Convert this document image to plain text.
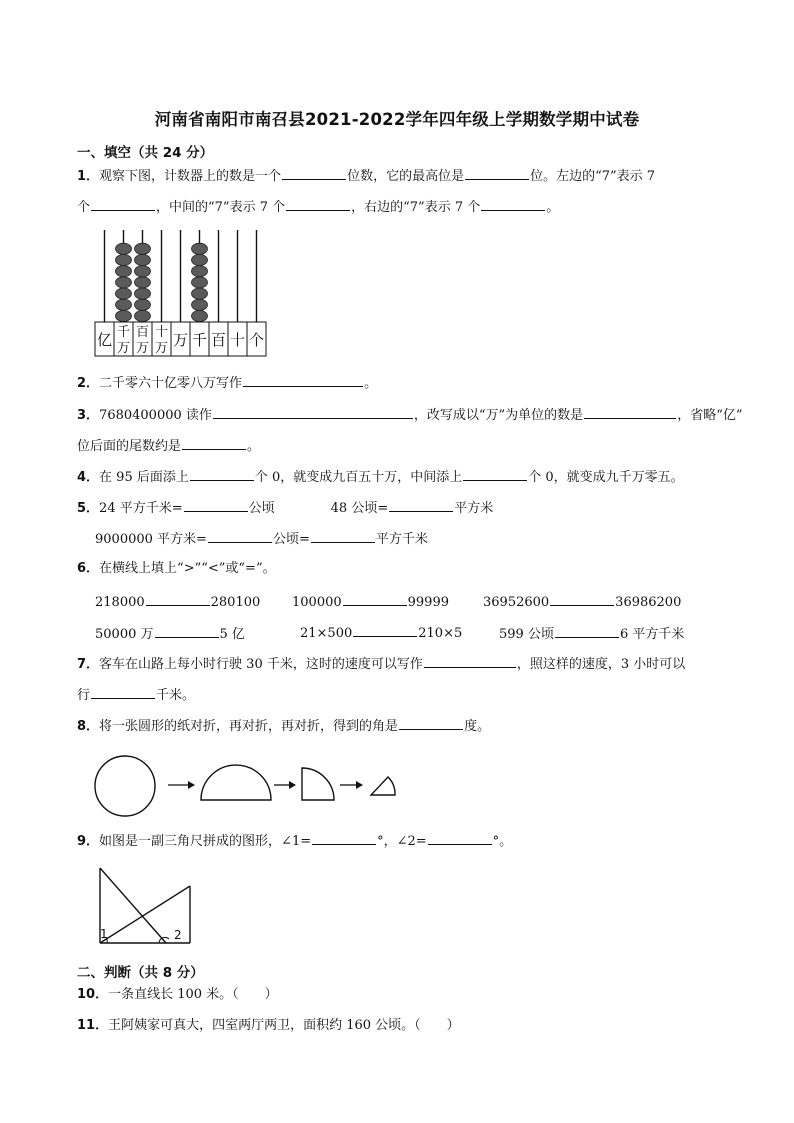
河南省南阳市南召县2021-2022学年四年级上学期数学期中试卷
一、填空（共 24 分）
1．观察下图，计数器上的数是一个	位数，它的最高位是	位。左边的“7”表示 7
个	，中间的“7”表示 7 个	，右边的“7”表示 7 个	。
亿 千
万
百
万
十
万 万 千 百 十 个
2．二千零六十亿零八万写作	。
3．7680400000 读作	，改写成以“万”为单位的数是	，省略“亿”
位后面的尾数约是	。
4．在 95 后面添上	个 0，就变成九百五十万，中间添上	个 0，就变成九千万零五。
5．24 平方千米=	公顷	48 公顷=	平方米
9000000 平方米=	公顷=	平方千米
6．在横线上填上“>”“<”或“=”。
218000	280100 100000	99999	36952600	36986200
50000 万	5 亿	21×500	210×5	599 公顷	6 平方千米
7．客车在山路上每小时行驶 30 千米，这时的速度可以写作	，照这样的速度，3 小时可以
行	千米。
8．将一张圆形的纸对折，再对折，再对折，得到的角是	度。
9．如图是一副三角尺拼成的图形，∠1=	°，∠2=	°。
1	2
二、判断（共 8 分）
10．一条直线长 100 米。（　　）
11．王阿姨家可真大，四室两厅两卫，面积约 160 公顷。（　　）
